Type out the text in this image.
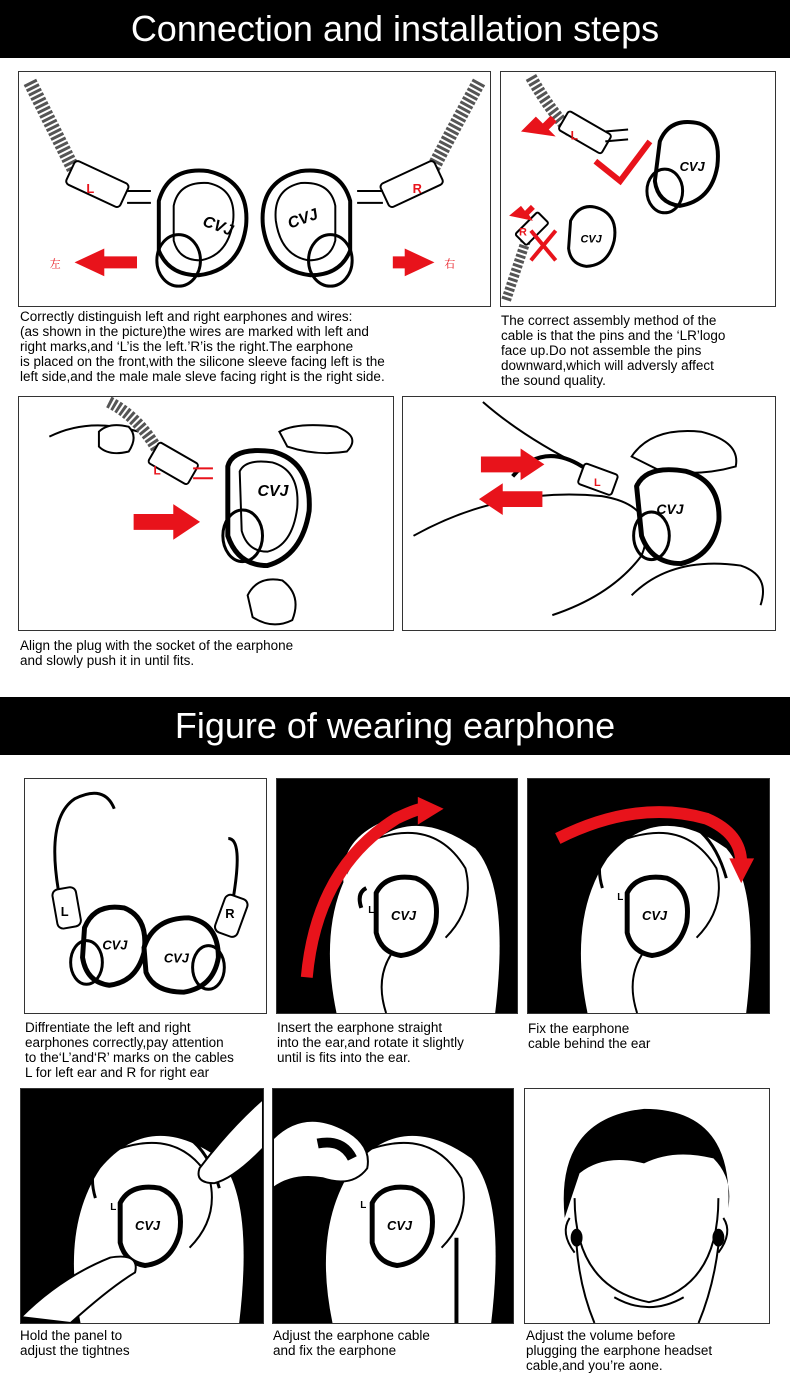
Connection and installation steps
CVJ	CVJ
L	R
左	右
Correctly distinguish left and right earphones and wires:
(as shown in the picture)the wires are marked with left and
right marks,and ‘L’is the left.’R’is the right.The earphone
is placed on the front,with the silicone sleeve facing left is the
left side,and the male male sleve facing right is the right side.
CVJ
CVJ
L
R
The correct assembly method of the
cable is that the pins and the ‘LR’logo
face up.Do not assemble the pins
downward,which will adversly affect
the sound quality.
CVJ
L
Align the plug with the socket of the earphone
and slowly push it in until fits.
CVJ
L
Figure of wearing earphone
CVJ
CVJ
L	R
Diffrentiate the left and right
earphones correctly,pay attention
to the‘L’and‘R’ marks on the cables
L for left ear and R for right ear
CVJ
L
Insert the earphone straight
into the ear,and rotate it slightly
until is fits into the ear.
CVJ
L
Fix the earphone
cable behind the ear
CVJ
L
Hold the panel to
adjust the tightnes
CVJ
L
Adjust the earphone cable
and fix the earphone
Adjust the volume before
plugging the earphone headset
cable,and you’re aone.
